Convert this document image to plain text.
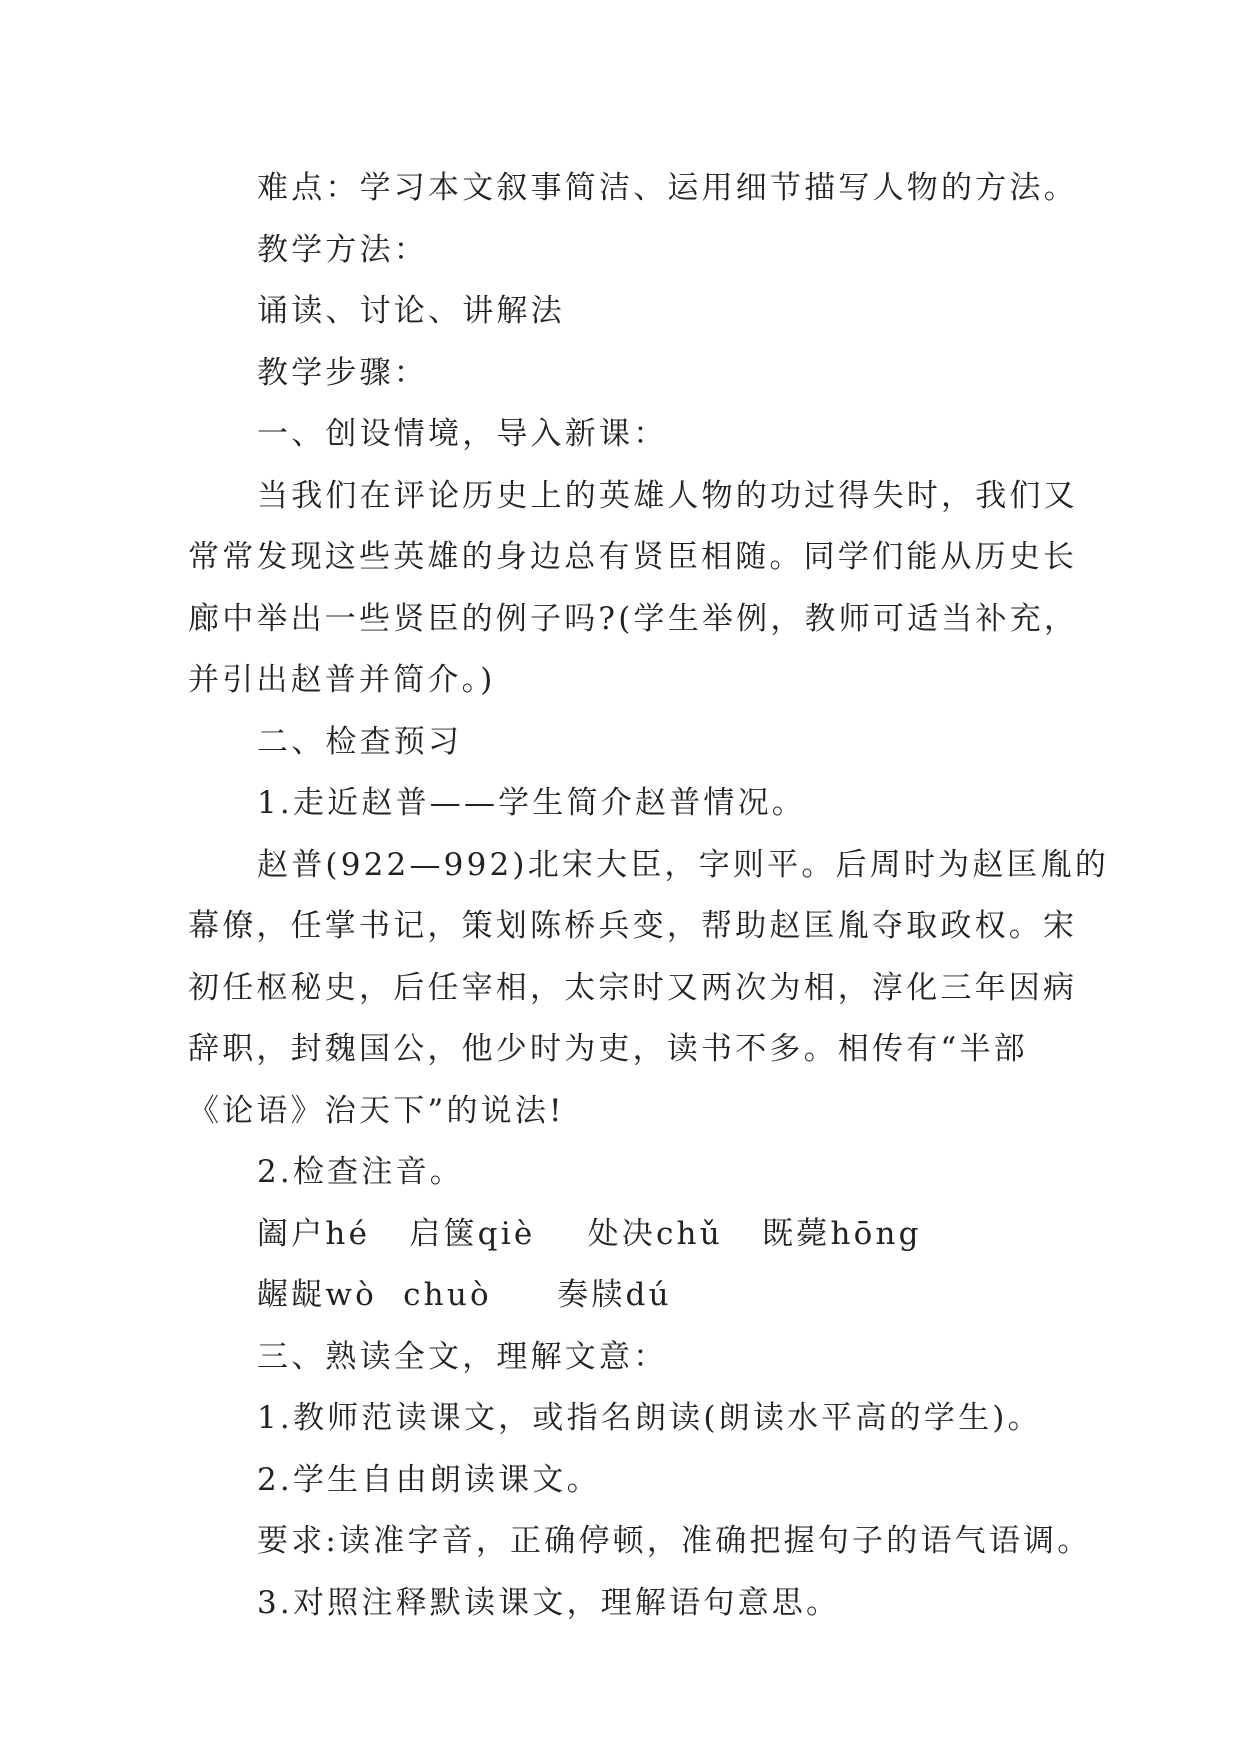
难点：学习本文叙事简洁、运用细节描写人物的方法。
教学方法：
诵读、讨论、讲解法
教学步骤：
一、创设情境，导入新课：
当我们在评论历史上的英雄人物的功过得失时，我们又
常常发现这些英雄的身边总有贤臣相随。同学们能从历史长
廊中举出一些贤臣的例子吗?(学生举例，教师可适当补充，
并引出赵普并简介。)
二、检查预习
1.走近赵普——学生简介赵普情况。
赵普(922—992)北宋大臣，字则平。后周时为赵匡胤的
幕僚，任掌书记，策划陈桥兵变，帮助赵匡胤夺取政权。宋
初任枢秘史，后任宰相，太宗时又两次为相，淳化三年因病
辞职，封魏国公，他少时为吏，读书不多。相传有“半部
《论语》治天下”的说法!
2.检查注音。
阖户hé   启箧qiè    处决chǔ   既薨hōng
龌龊wò  chuò     奏牍dú
三、熟读全文，理解文意：
1.教师范读课文，或指名朗读(朗读水平高的学生)。
2.学生自由朗读课文。
要求:读准字音，正确停顿，准确把握句子的语气语调。
3.对照注释默读课文，理解语句意思。
